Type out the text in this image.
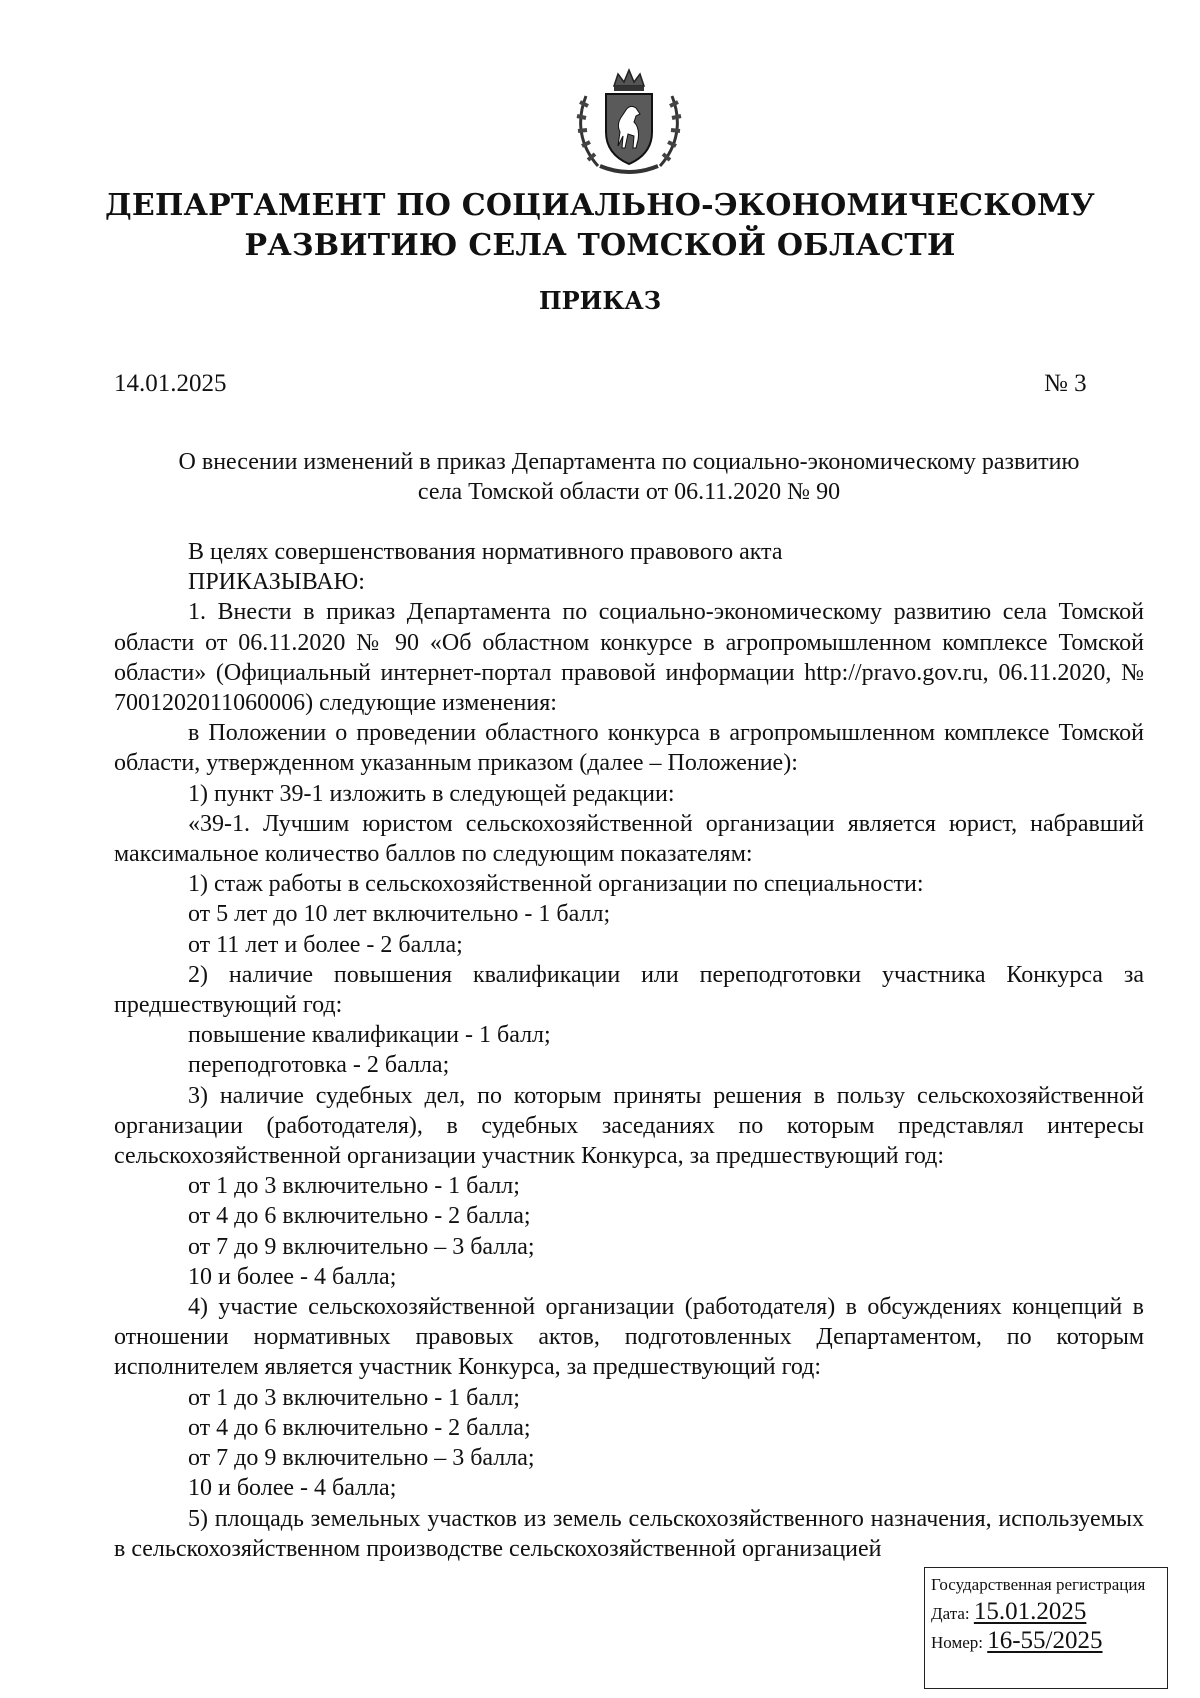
ДЕПАРТАМЕНТ ПО СОЦИАЛЬНО-ЭКОНОМИЧЕСКОМУ
РАЗВИТИЮ СЕЛА ТОМСКОЙ ОБЛАСТИ
ПРИКАЗ
14.01.2025	№ 3
О внесении изменений в приказ Департамента по социально-экономическому развитию
села Томской области от 06.11.2020 № 90

В целях совершенствования нормативного правового акта

ПРИКАЗЫВАЮ:

1. Внести в приказ Департамента по социально-экономическому развитию села Томской области от 06.11.2020 № 90 «Об областном конкурсе в агропромышленном комплексе Томской области» (Официальный интернет-портал правовой информации http://pravo.gov.ru, 06.11.2020, № 7001202011060006) следующие изменения:

в Положении о проведении областного конкурса в агропромышленном комплексе Томской области, утвержденном указанным приказом (далее – Положение):

1) пункт 39-1 изложить в следующей редакции:

«39-1. Лучшим юристом сельскохозяйственной организации является юрист, набравший максимальное количество баллов по следующим показателям:

1) стаж работы в сельскохозяйственной организации по специальности:

от 5 лет до 10 лет включительно - 1 балл;

от 11 лет и более - 2 балла;

2) наличие повышения квалификации или переподготовки участника Конкурса за предшествующий год:

повышение квалификации - 1 балл;

переподготовка - 2 балла;

3) наличие судебных дел, по которым приняты решения в пользу сельскохозяйственной организации (работодателя), в судебных заседаниях по которым представлял интересы сельскохозяйственной организации участник Конкурса, за предшествующий год:

от 1 до 3 включительно - 1 балл;

от 4 до 6 включительно - 2 балла;

от 7 до 9 включительно – 3 балла;

10 и более - 4 балла;

4) участие сельскохозяйственной организации (работодателя) в обсуждениях концепций в отношении нормативных правовых актов, подготовленных Департаментом, по которым исполнителем является участник Конкурса, за предшествующий год:

от 1 до 3 включительно - 1 балл;

от 4 до 6 включительно - 2 балла;

от 7 до 9 включительно – 3 балла;

10 и более - 4 балла;

5) площадь земельных участков из земель сельскохозяйственного назначения, используемых в сельскохозяйственном производстве сельскохозяйственной организацией

Государственная регистрация
Дата: 15.01.2025
Номер: 16-55/2025
